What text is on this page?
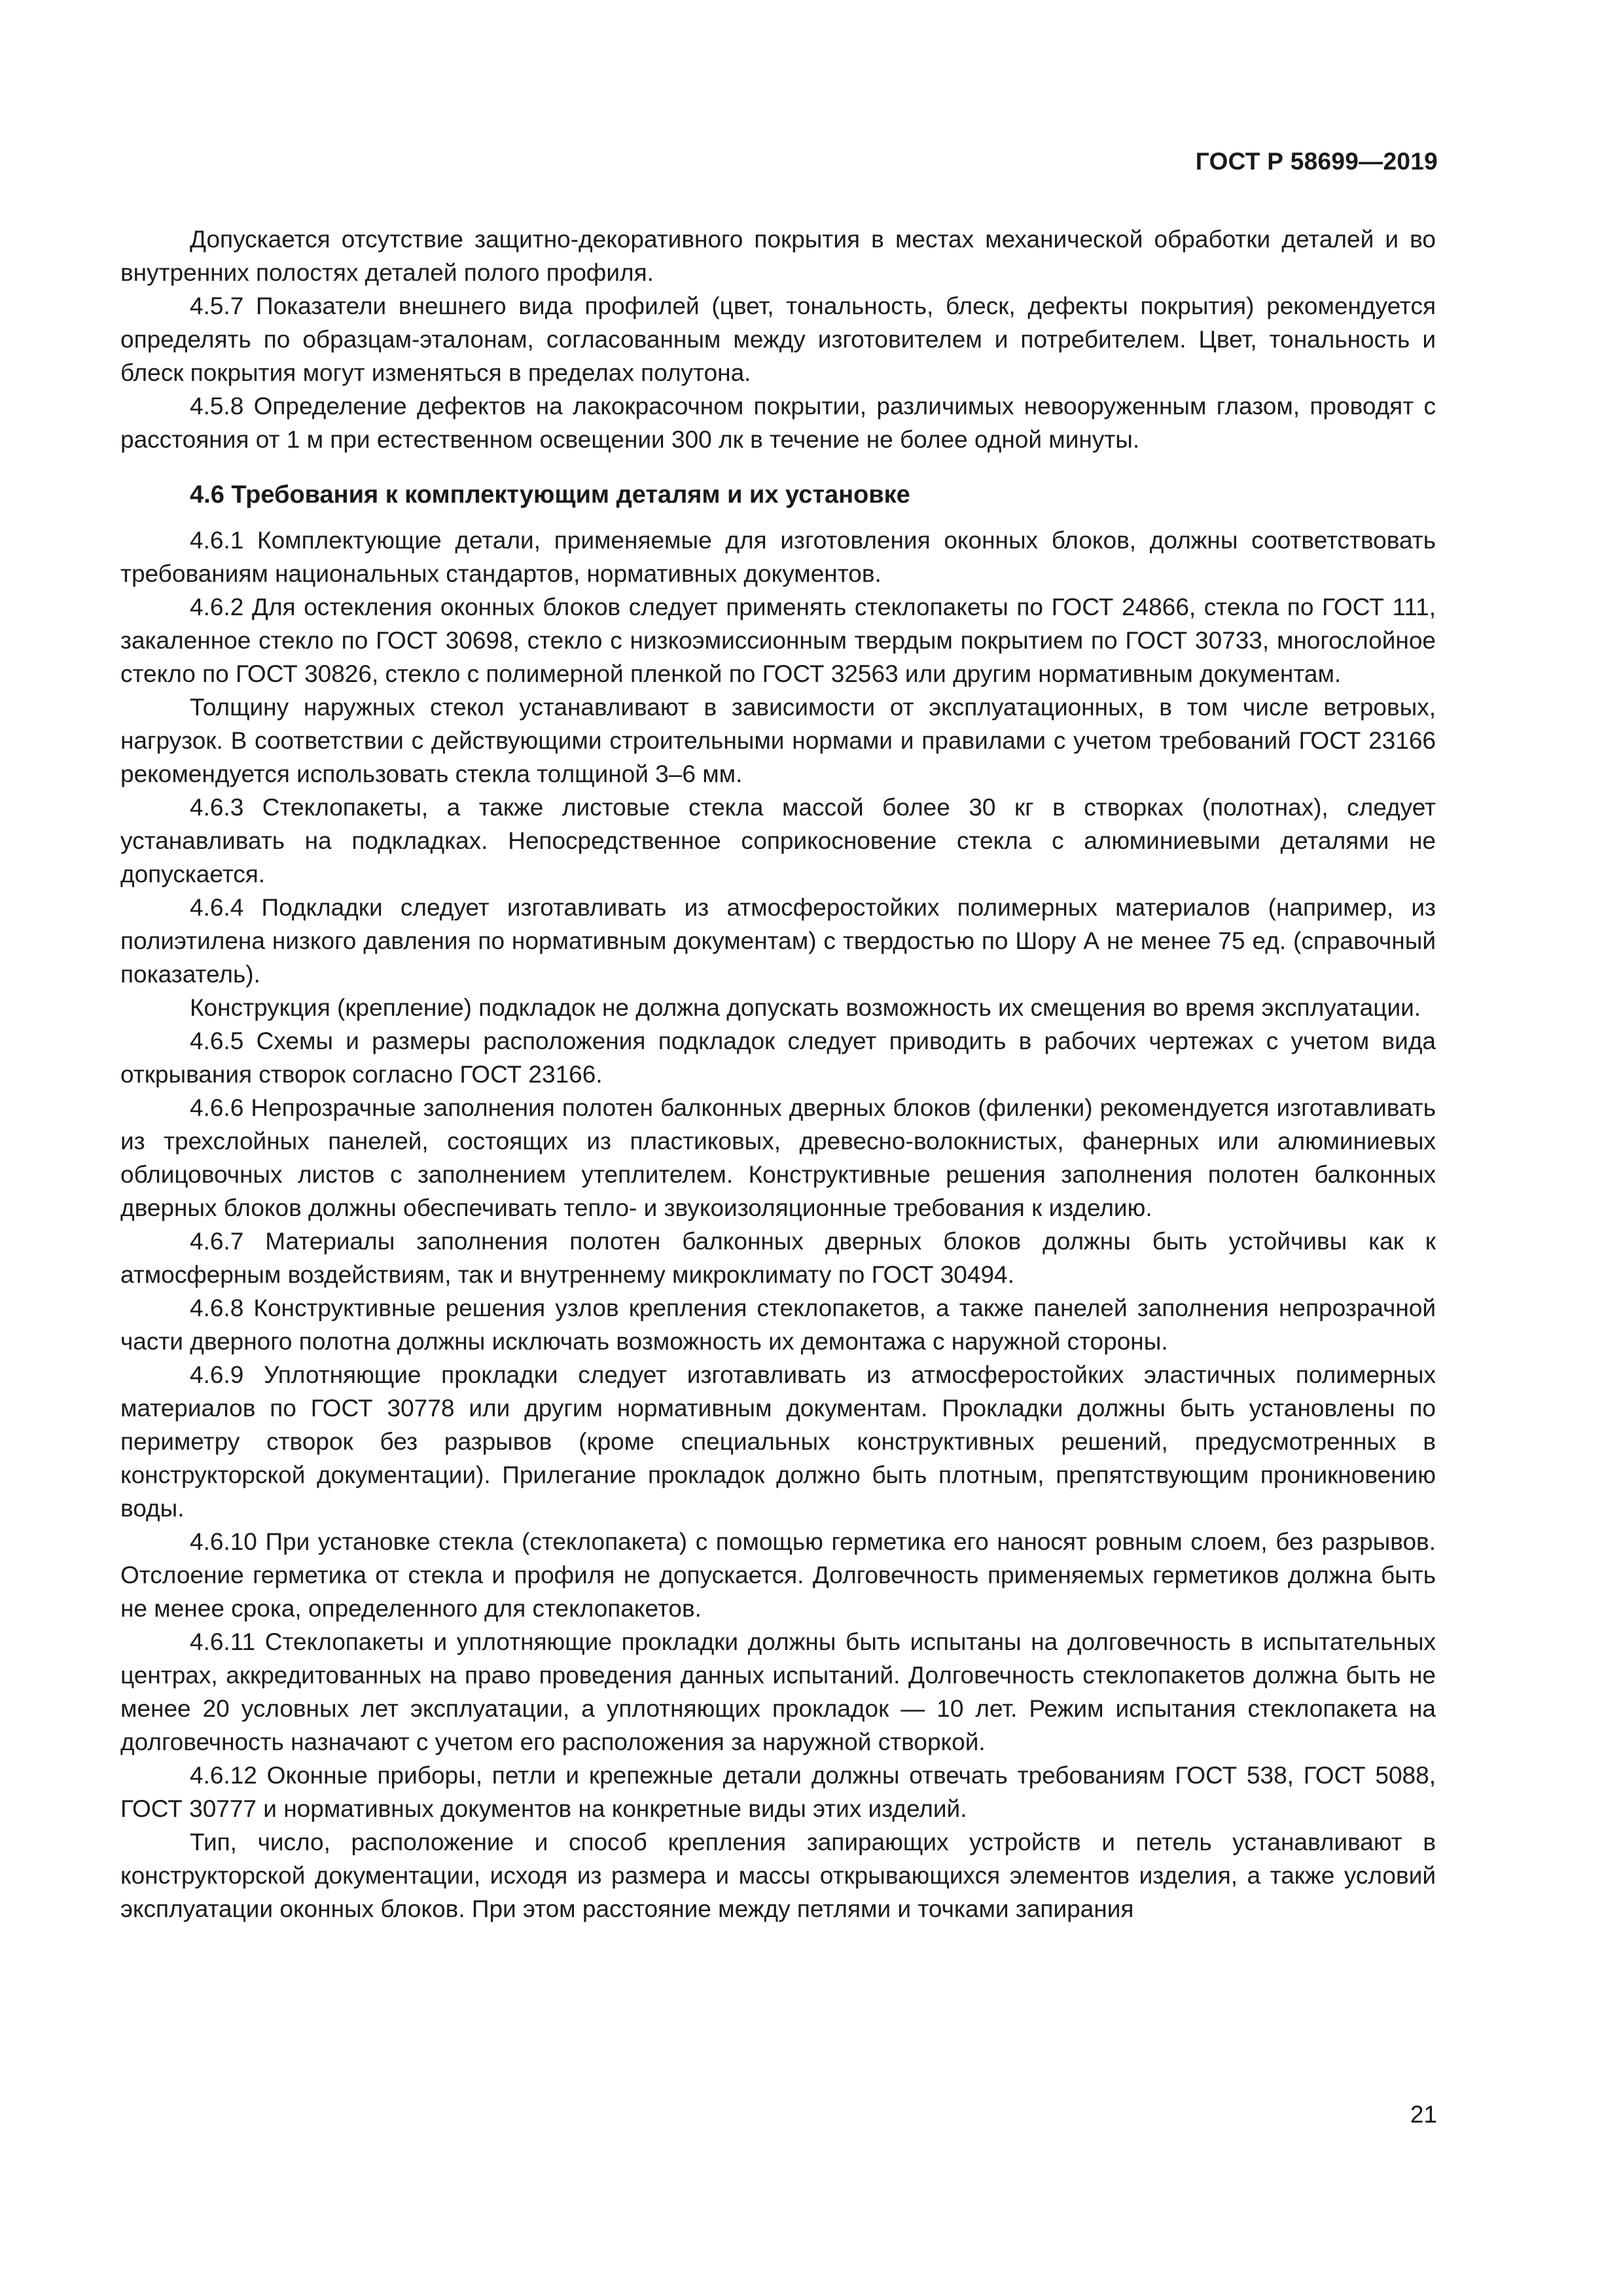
ГОСТ Р 58699—2019

Допускается отсутствие защитно-декоративного покрытия в местах механической обработки деталей и во внутренних полостях деталей полого профиля.

4.5.7 Показатели внешнего вида профилей (цвет, тональность, блеск, дефекты покрытия) рекомендуется определять по образцам-эталонам, согласованным между изготовителем и потребителем. Цвет, тональность и блеск покрытия могут изменяться в пределах полутона.

4.5.8 Определение дефектов на лакокрасочном покрытии, различимых невооруженным глазом, проводят с расстояния от 1 м при естественном освещении 300 лк в течение не более одной минуты.

4.6 Требования к комплектующим деталям и их установке

4.6.1 Комплектующие детали, применяемые для изготовления оконных блоков, должны соответствовать требованиям национальных стандартов, нормативных документов.

4.6.2 Для остекления оконных блоков следует применять стеклопакеты по ГОСТ 24866, стекла по ГОСТ 111, закаленное стекло по ГОСТ 30698, стекло с низкоэмиссионным твердым покрытием по ГОСТ 30733, многослойное стекло по ГОСТ 30826, стекло с полимерной пленкой по ГОСТ 32563 или другим нормативным документам.

Толщину наружных стекол устанавливают в зависимости от эксплуатационных, в том числе ветровых, нагрузок. В соответствии с действующими строительными нормами и правилами с учетом требований ГОСТ 23166 рекомендуется использовать стекла толщиной 3–6 мм.

4.6.3 Стеклопакеты, а также листовые стекла массой более 30 кг в створках (полотнах), следует устанавливать на подкладках. Непосредственное соприкосновение стекла с алюминиевыми деталями не допускается.

4.6.4 Подкладки следует изготавливать из атмосферостойких полимерных материалов (например, из полиэтилена низкого давления по нормативным документам) с твердостью по Шору А не менее 75 ед. (справочный показатель).

Конструкция (крепление) подкладок не должна допускать возможность их смещения во время эксплуатации.

4.6.5 Схемы и размеры расположения подкладок следует приводить в рабочих чертежах с учетом вида открывания створок согласно ГОСТ 23166.

4.6.6 Непрозрачные заполнения полотен балконных дверных блоков (филенки) рекомендуется изготавливать из трехслойных панелей, состоящих из пластиковых, древесно-волокнистых, фанерных или алюминиевых облицовочных листов с заполнением утеплителем. Конструктивные решения заполнения полотен балконных дверных блоков должны обеспечивать тепло- и звукоизоляционные требования к изделию.

4.6.7 Материалы заполнения полотен балконных дверных блоков должны быть устойчивы как к атмосферным воздействиям, так и внутреннему микроклимату по ГОСТ 30494.

4.6.8 Конструктивные решения узлов крепления стеклопакетов, а также панелей заполнения непрозрачной части дверного полотна должны исключать возможность их демонтажа с наружной стороны.

4.6.9 Уплотняющие прокладки следует изготавливать из атмосферостойких эластичных полимерных материалов по ГОСТ 30778 или другим нормативным документам. Прокладки должны быть установлены по периметру створок без разрывов (кроме специальных конструктивных решений, предусмотренных в конструкторской документации). Прилегание прокладок должно быть плотным, препятствующим проникновению воды.

4.6.10 При установке стекла (стеклопакета) с помощью герметика его наносят ровным слоем, без разрывов. Отслоение герметика от стекла и профиля не допускается. Долговечность применяемых герметиков должна быть не менее срока, определенного для стеклопакетов.

4.6.11 Стеклопакеты и уплотняющие прокладки должны быть испытаны на долговечность в испытательных центрах, аккредитованных на право проведения данных испытаний. Долговечность стеклопакетов должна быть не менее 20 условных лет эксплуатации, а уплотняющих прокладок — 10 лет. Режим испытания стеклопакета на долговечность назначают с учетом его расположения за наружной створкой.

4.6.12 Оконные приборы, петли и крепежные детали должны отвечать требованиям ГОСТ 538, ГОСТ 5088, ГОСТ 30777 и нормативных документов на конкретные виды этих изделий.

Тип, число, расположение и способ крепления запирающих устройств и петель устанавливают в конструкторской документации, исходя из размера и массы открывающихся элементов изделия, а также условий эксплуатации оконных блоков. При этом расстояние между петлями и точками запирания

21
